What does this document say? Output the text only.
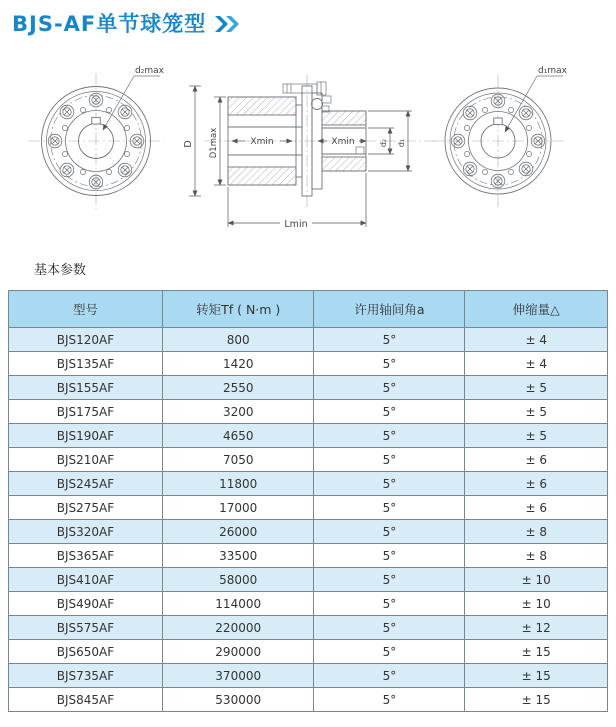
BJS-AF单节球笼型
d₂max
D D1max	Xmin	Xmin	d₂ d₁
Lmin
d₁max
基本参数
型号	转矩Tf ( N·m )	许用轴间角a	伸缩量△
BJS120AF	800	5°	± 4
BJS135AF	1420	5°	± 4
BJS155AF	2550	5°	± 5
BJS175AF	3200	5°	± 5
BJS190AF	4650	5°	± 5
BJS210AF	7050	5°	± 6
BJS245AF	11800	5°	± 6
BJS275AF	17000	5°	± 6
BJS320AF	26000	5°	± 8
BJS365AF	33500	5°	± 8
BJS410AF	58000	5°	± 10
BJS490AF	114000	5°	± 10
BJS575AF	220000	5°	± 12
BJS650AF	290000	5°	± 15
BJS735AF	370000	5°	± 15
BJS845AF	530000	5°	± 15
